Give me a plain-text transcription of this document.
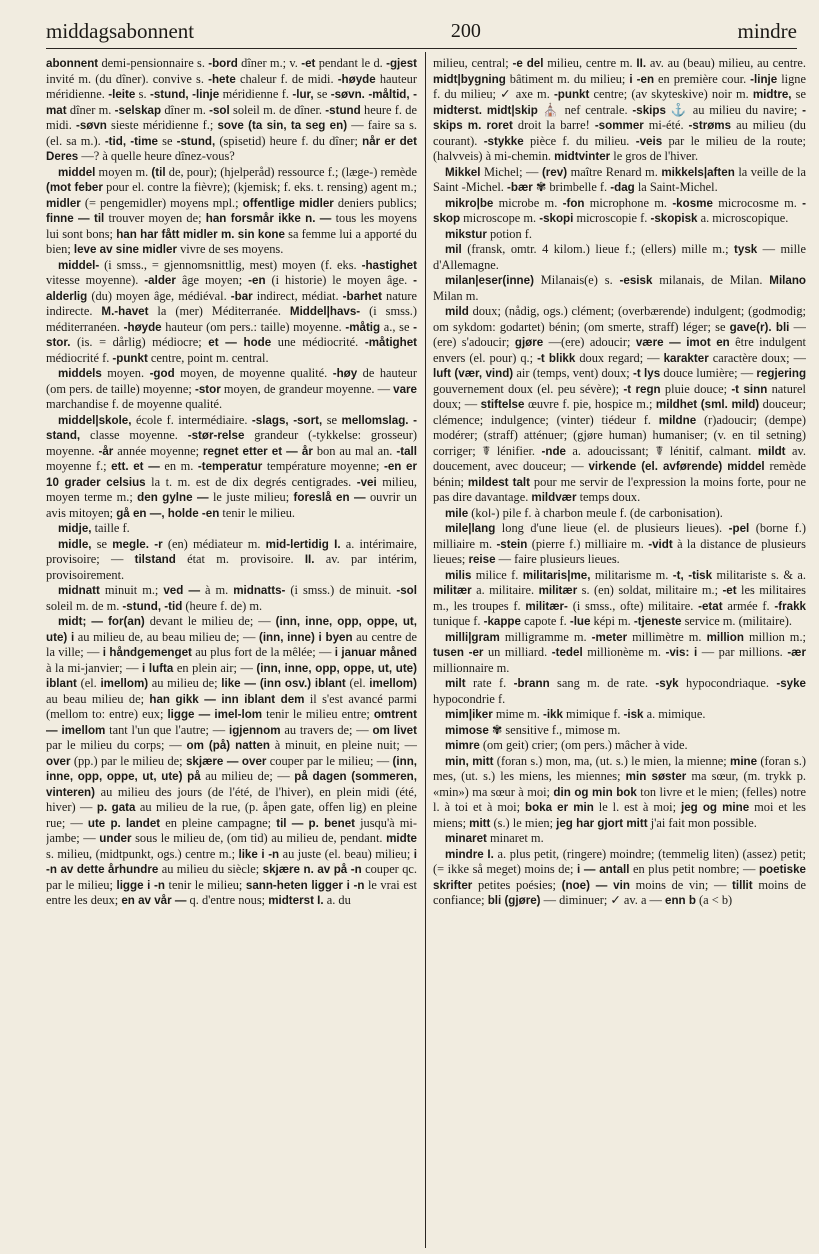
middagsabonnent	200	mindre

abonnent demi-pensionnaire s. -bord dîner m.; v. -et pendant le d. -gjest invité m. (du dîner). convive s. -hete chaleur f. de midi. -høyde hauteur méridienne. -leite s. -stund, -linje méridienne f. -lur, se -søvn. -måltid, -mat dîner m. -selskap dîner m. -sol soleil m. de dîner. -stund heure f. de midi. -søvn sieste méridienne f.; sove (ta sin, ta seg en) — faire sa s. (el. sa m.). -tid, -time se -stund, (spisetid) heure f. du dîner; når er det Deres —? à quelle heure dînez-vous?

middel moyen m. (til de, pour); (hjelperåd) ressource f.; (læge-) remède (mot feber pour el. contre la fièvre); (kjemisk; f. eks. t. rensing) agent m.; midler (= pengemidler) moyens mpl.; offentlige midler deniers publics; finne — til trouver moyen de; han forsmår ikke n. — tous les moyens lui sont bons; han har fått midler m. sin kone sa femme lui a apporté du bien; leve av sine midler vivre de ses moyens.

middel- (i smss., = gjennomsnittlig, mest) moyen (f. eks. -hastighet vitesse moyenne). -alder âge moyen; -en (i historie) le moyen âge. -alderlig (du) moyen âge, médiéval. -bar indirect, médiat. -barhet nature indirecte. M.-havet la (mer) Méditerranée. Middel|havs- (i smss.) méditerranéen. -høyde hauteur (om pers.: taille) moyenne. -måtig a., se -stor. (is. = dårlig) médiocre; et — hode une médiocrité. -måtighet médiocrité f. -punkt centre, point m. central.

middels moyen. -god moyen, de moyenne qualité. -høy de hauteur (om pers. de taille) moyenne; -stor moyen, de grandeur moyenne. — vare marchandise f. de moyenne qualité.

middel|skole, école f. intermédiaire. -slags, -sort, se mellomslag. -stand, classe moyenne. -stør-relse grandeur (-tykkelse: grosseur) moyenne. -år année moyenne; regnet etter et — år bon au mal an. -tall moyenne f.; ett. et — en m. -temperatur température moyenne; -en er 10 grader celsius la t. m. est de dix degrés centigrades. -vei milieu, moyen terme m.; den gylne — le juste milieu; foreslå en — ouvrir un avis mitoyen; gå en —, holde -en tenir le milieu.

midje, taille f.

midle, se megle. -r (en) médiateur m. mid-lertidig I. a. intérimaire, provisoire; — tilstand état m. provisoire. II. av. par intérim, provisoirement.

midnatt minuit m.; ved — à m. midnatts- (i smss.) de minuit. -sol soleil m. de m. -stund, -tid (heure f. de) m.

midt; — for(an) devant le milieu de; — (inn, inne, opp, oppe, ut, ute) i au milieu de, au beau milieu de; — (inn, inne) i byen au centre de la ville; — i håndgemenget au plus fort de la mêlée; — i januar måned à la mi-janvier; — i lufta en plein air; — (inn, inne, opp, oppe, ut, ute) iblant (el. imellom) au milieu de; like — (inn osv.) iblant (el. imellom) au beau milieu de; han gikk — inn iblant dem il s'est avancé parmi (mellom to: entre) eux; ligge — imel-lom tenir le milieu entre; omtrent — imellom tant l'un que l'autre; — igjennom au travers de; — om livet par le milieu du corps; — om (på) natten à minuit, en pleine nuit; — over (pp.) par le milieu de; skjære — over couper par le milieu; — (inn, inne, opp, oppe, ut, ute) på au milieu de; — på dagen (sommeren, vinteren) au milieu des jours (de l'été, de l'hiver), en plein midi (été, hiver) — p. gata au milieu de la rue, (p. åpen gate, offen lig) en pleine rue; — ute p. landet en pleine campagne; til — p. benet jusqu'à mi-jambe; — under sous le milieu de, (om tid) au milieu de, pendant. midte s. milieu, (midtpunkt, ogs.) centre m.; like i -n au juste (el. beau) milieu; i -n av dette århundre au milieu du siècle; skjære n. av på -n couper qc. par le milieu; ligge i -n tenir le milieu; sann-heten ligger i -n le vrai est entre les deux; en av vår — q. d'entre nous; midterst I. a. du

milieu, central; -e del milieu, centre m. II. av. au (beau) milieu, au centre. midt|bygning bâtiment m. du milieu; i -en en première cour. -linje ligne f. du milieu; ✓ axe m. -punkt centre; (av skyteskive) noir m. midtre, se midterst. midt|skip ⛪ nef centrale. -skips ⚓ au milieu du navire; -skips m. roret droit la barre! -sommer mi-été. -strøms au milieu (du courant). -stykke pièce f. du milieu. -veis par le milieu de la route; (halvveis) à mi-chemin. midtvinter le gros de l'hiver.

Mikkel Michel; — (rev) maître Renard m. mikkels|aften la veille de la Saint -Michel. -bær ✾ brimbelle f. -dag la Saint-Michel.

mikro|be microbe m. -fon microphone m. -kosme microcosme m. -skop microscope m. -skopi microscopie f. -skopisk a. microscopique.

mikstur potion f.

mil (fransk, omtr. 4 kilom.) lieue f.; (ellers) mille m.; tysk — mille d'Allemagne.

milan|eser(inne) Milanais(e) s. -esisk milanais, de Milan. Milano Milan m.

mild doux; (nådig, ogs.) clément; (overbærende) indulgent; (godmodig; om sykdom: godartet) bénin; (om smerte, straff) léger; se gave(r). bli —(ere) s'adoucir; gjøre —(ere) adoucir; være — imot en être indulgent envers (el. pour) q.; -t blikk doux regard; — karakter caractère doux; — luft (vær, vind) air (temps, vent) doux; -t lys douce lumière; — regjering gouvernement doux (el. peu sévère); -t regn pluie douce; -t sinn naturel doux; — stiftelse œuvre f. pie, hospice m.; mildhet (sml. mild) douceur; clémence; indulgence; (vinter) tiédeur f. mildne (r)adoucir; (dempe) modérer; (straff) atténuer; (gjøre human) humaniser; (v. en til setning) corriger; ☤ lénifier. -nde a. adoucissant; ☤ lénitif, calmant. mildt av. doucement, avec douceur; — virkende (el. avførende) middel remède bénin; mildest talt pour me servir de l'expression la moins forte, pour ne pas dire davantage. mildvær temps doux.

mile (kol-) pile f. à charbon meule f. (de carbonisation).

mile|lang long d'une lieue (el. de plusieurs lieues). -pel (borne f.) milliaire m. -stein (pierre f.) milliaire m. -vidt à la distance de plusieurs lieues; reise — faire plusieurs lieues.

milis milice f. militaris|me, militarisme m. -t, -tisk militariste s. & a. militær a. militaire. militær s. (en) soldat, militaire m.; -et les militaires m., les troupes f. militær- (i smss., ofte) militaire. -etat armée f. -frakk tunique f. -kappe capote f. -lue képi m. -tjeneste service m. (militaire).

milli|gram milligramme m. -meter millimètre m. million million m.; tusen -er un milliard. -tedel millionème m. -vis: i — par millions. -ær millionnaire m.

milt rate f. -brann sang m. de rate. -syk hypocondriaque. -syke hypocondrie f.

mim|iker mime m. -ikk mimique f. -isk a. mimique.

mimose ✾ sensitive f., mimose m.

mimre (om geit) crier; (om pers.) mâcher à vide.

min, mitt (foran s.) mon, ma, (ut. s.) le mien, la mienne; mine (foran s.) mes, (ut. s.) les miens, les miennes; min søster ma sœur, (m. trykk p. «min») ma sœur à moi; din og min bok ton livre et le mien; (felles) notre l. à toi et à moi; boka er min le l. est à moi; jeg og mine moi et les miens; mitt (s.) le mien; jeg har gjort mitt j'ai fait mon possible.

minaret minaret m.

mindre I. a. plus petit, (ringere) moindre; (temmelig liten) (assez) petit; (= ikke så meget) moins de; i — antall en plus petit nombre; — poetiske skrifter petites poésies; (noe) — vin moins de vin; — tillit moins de confiance; bli (gjøre) — diminuer; ✓ av. a — enn b (a < b)
